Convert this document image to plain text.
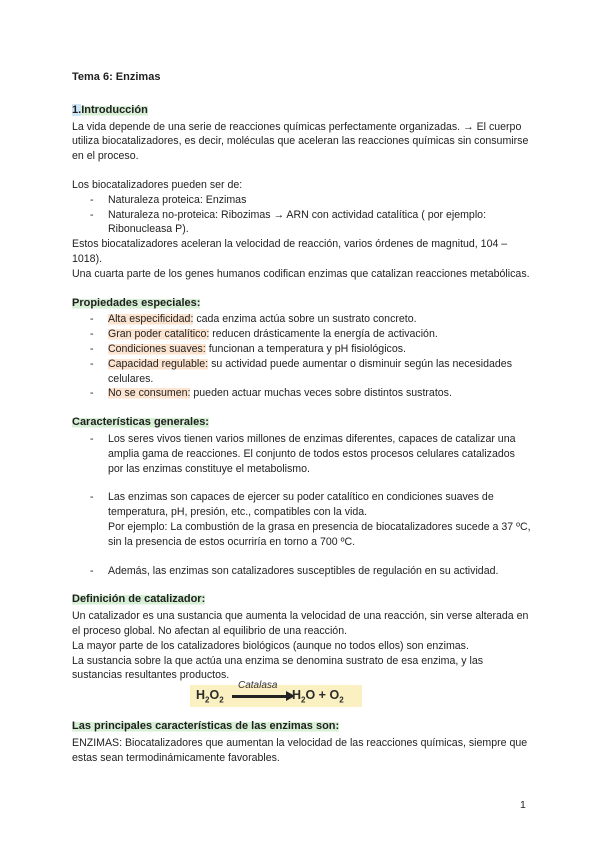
Tema 6: Enzimas
1.Introducción

La vida depende de una serie de reacciones químicas perfectamente organizadas. → El cuerpo utiliza biocatalizadores, es decir, moléculas que aceleran las reacciones químicas sin consumirse en el proceso.

Los biocatalizadores pueden ser de:

- Naturaleza proteica: Enzimas
- Naturaleza no-proteica: Ribozimas → ARN con actividad catalítica ( por ejemplo: Ribonucleasa P).

Estos biocatalizadores aceleran la velocidad de reacción, varios órdenes de magnitud, 104 – 1018).

Una cuarta parte de los genes humanos codifican enzimas que catalizan reacciones metabólicas.

Propiedades especiales:
- Alta especificidad: cada enzima actúa sobre un sustrato concreto.
- Gran poder catalítico: reducen drásticamente la energía de activación.
- Condiciones suaves: funcionan a temperatura y pH fisiológicos.
- Capacidad regulable: su actividad puede aumentar o disminuir según las necesidades celulares.
- No se consumen: pueden actuar muchas veces sobre distintos sustratos.
Características generales:
- Los seres vivos tienen varios millones de enzimas diferentes, capaces de catalizar una amplia gama de reacciones. El conjunto de todos estos procesos celulares catalizados por las enzimas constituye el metabolismo.
- Las enzimas son capaces de ejercer su poder catalítico en condiciones suaves de temperatura, pH, presión, etc., compatibles con la vida.
Por ejemplo: La combustión de la grasa en presencia de biocatalizadores sucede a 37 ºC, sin la presencia de estos ocurriría en torno a 700 ºC.
- Además, las enzimas son catalizadores susceptibles de regulación en su actividad.
Definición de catalizador:

Un catalizador es una sustancia que aumenta la velocidad de una reacción, sin verse alterada en el proceso global. No afectan al equilibrio de una reacción.

La mayor parte de los catalizadores biológicos (aunque no todos ellos) son enzimas.

La sustancia sobre la que actúa una enzima se denomina sustrato de esa enzima, y las sustancias resultantes productos.

$H_2O_2$
Catalasa
$H_2O + O_2$
Las principales características de las enzimas son:

ENZIMAS: Biocatalizadores que aumentan la velocidad de las reacciones químicas, siempre que estas sean termodinámicamente favorables.

1
